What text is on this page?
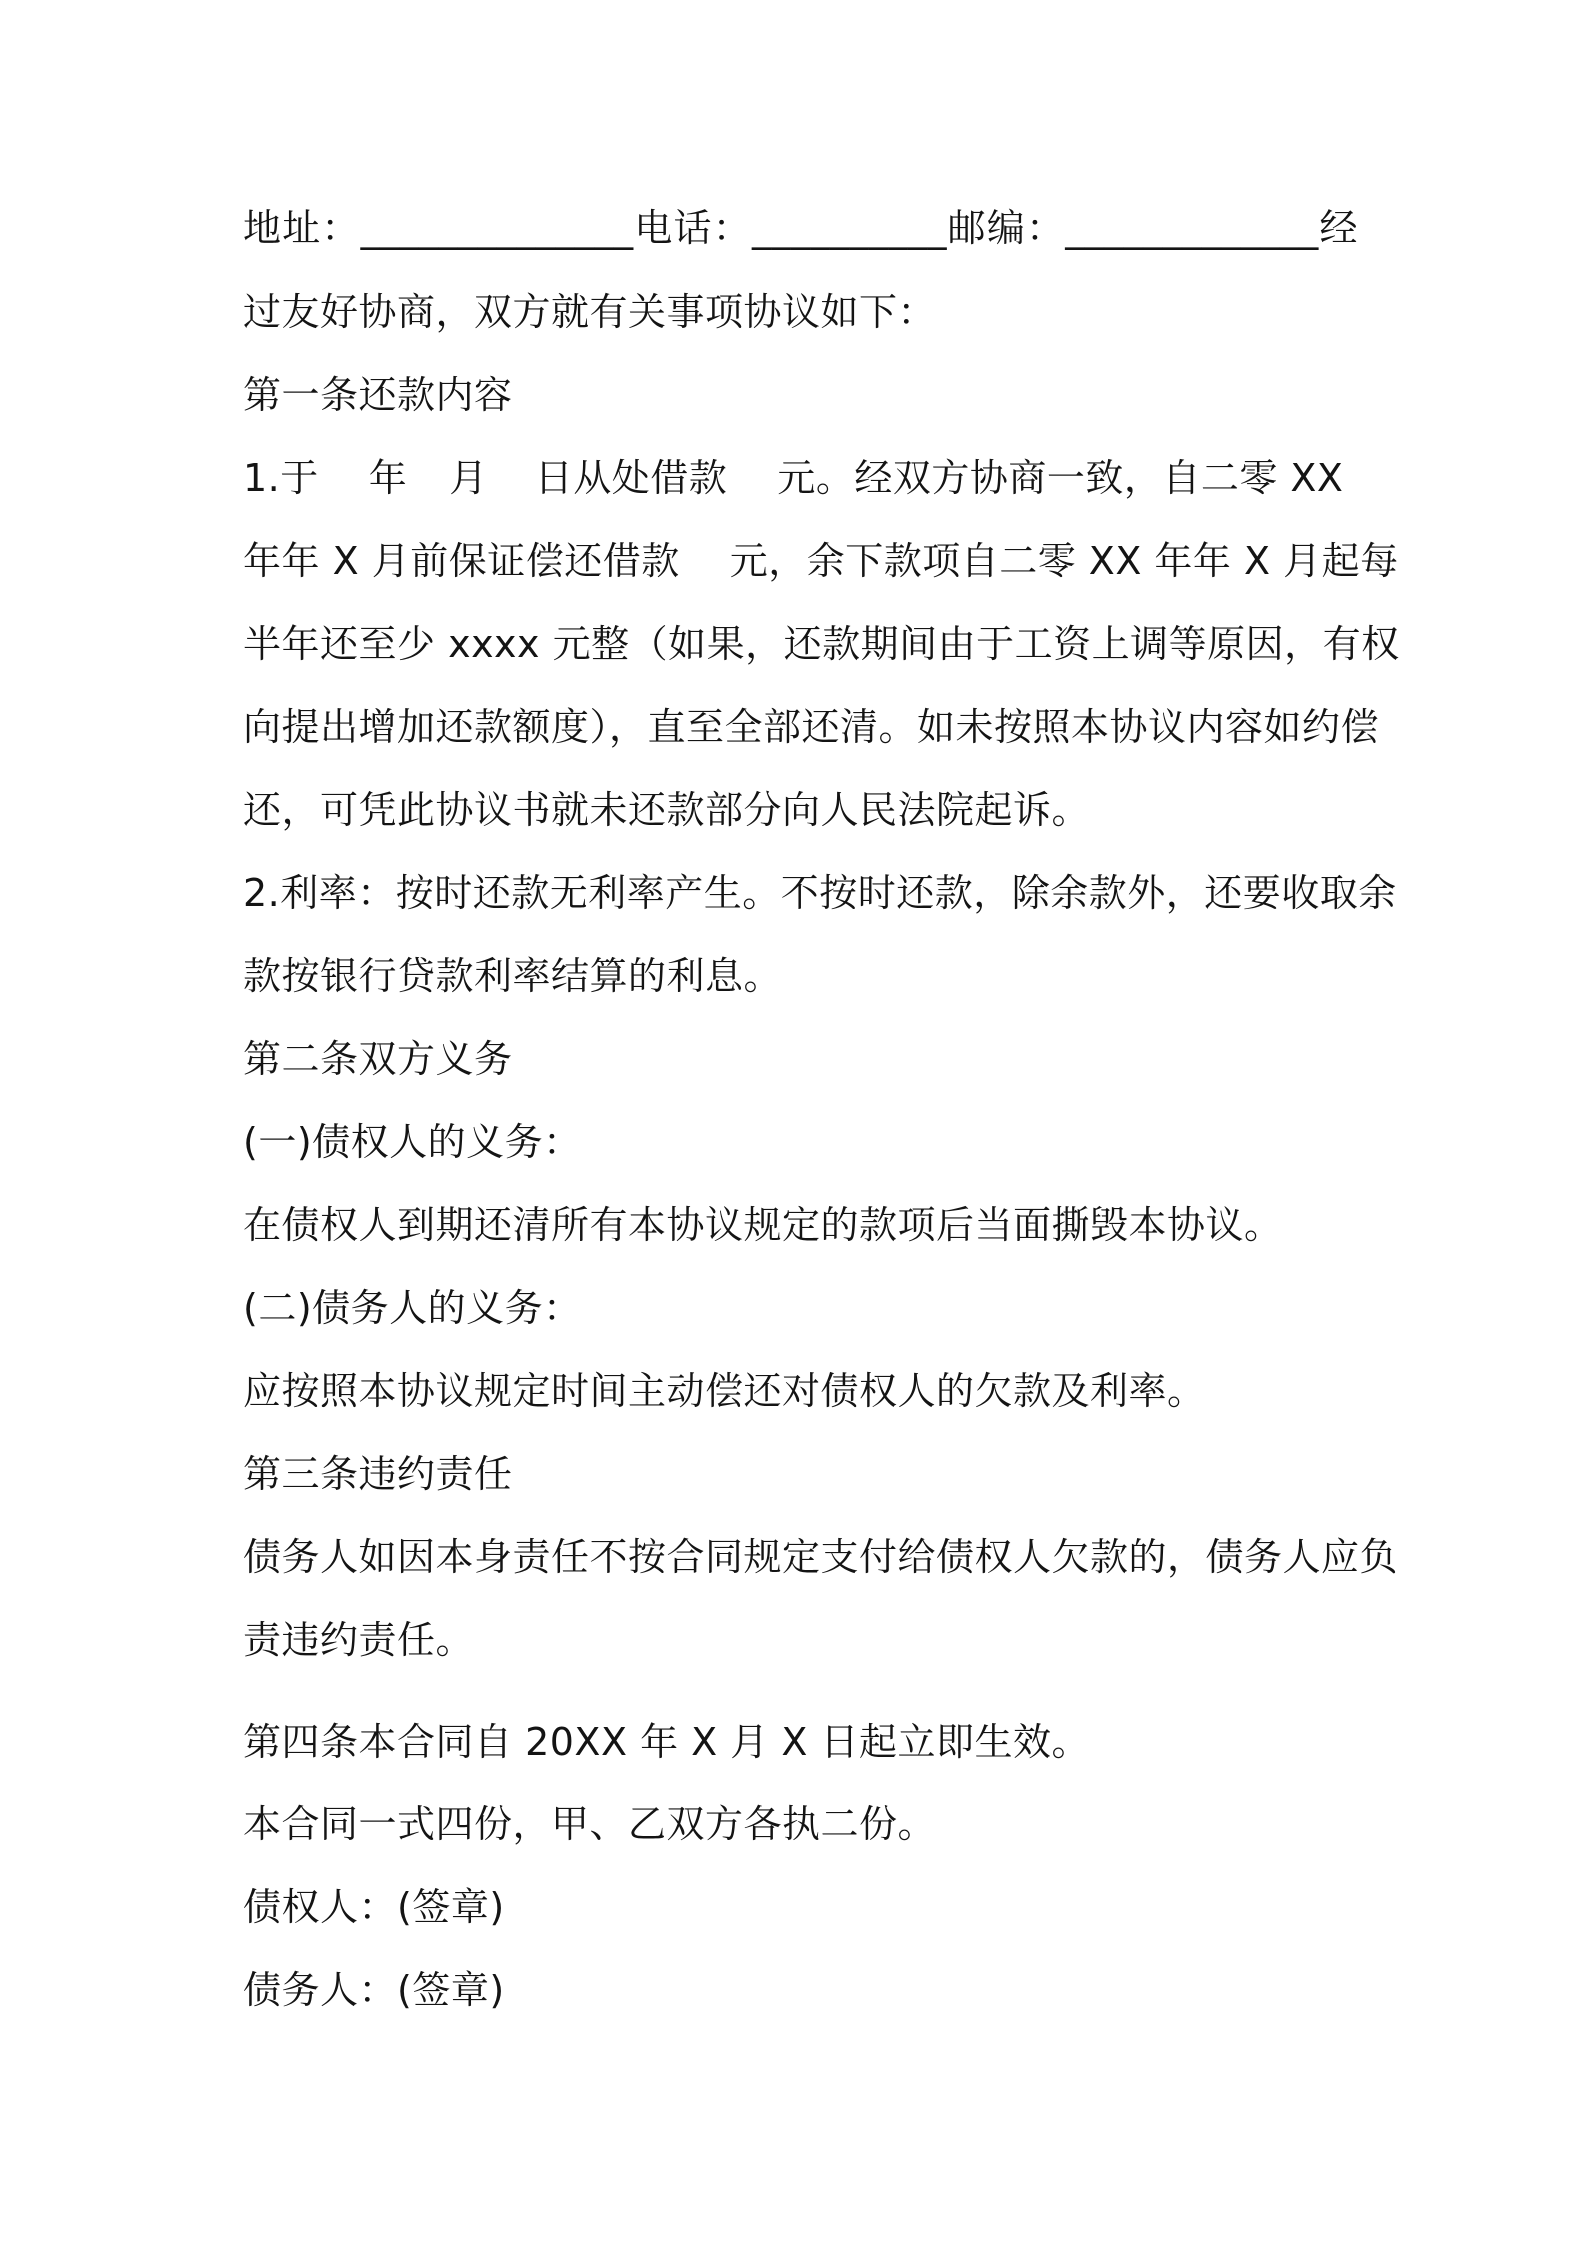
地址：______________电话：__________邮编：_____________经
过友好协商，双方就有关事项协议如下：
第一条还款内容
1.于 年 月 日从处借款 元。经双方协商一致，自二零 XX
年年 X 月前保证偿还借款 元，余下款项自二零 XX 年年 X 月起每
半年还至少 xxxx 元整（如果，还款期间由于工资上调等原因，有权
向提出增加还款额度），直至全部还清。如未按照本协议内容如约偿
还，可凭此协议书就未还款部分向人民法院起诉。
2.利率：按时还款无利率产生。不按时还款，除余款外，还要收取余
款按银行贷款利率结算的利息。
第二条双方义务
(一)债权人的义务：
在债权人到期还清所有本协议规定的款项后当面撕毁本协议。
(二)债务人的义务：
应按照本协议规定时间主动偿还对债权人的欠款及利率。
第三条违约责任
债务人如因本身责任不按合同规定支付给债权人欠款的，债务人应负
责违约责任。
第四条本合同自 20XX 年 X 月 X 日起立即生效。
本合同一式四份，甲、乙双方各执二份。
债权人：(签章)
债务人：(签章)
